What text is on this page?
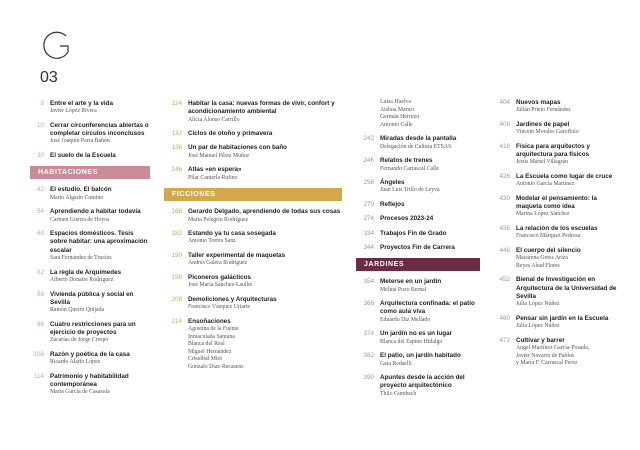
03
8 Entre el arte y la vida
Javier López Rivera
10 Cerrar circunferencias abiertas o completar círculos inconclusos
José Joaquín Parra Bañón
30 El suelo de la Escuela
HABITACIONES
42 El estudio. El balcón
Mario Algarín Comino
54 Aprendiendo a habitar todavía
Carmen Guerra de Hoyos
68 Espacios domésticos. Tesis sobre habitar: una aproximación escalar
Sara Fernández de Trucios
82 La regla de Arquímedes
Alberto Donaire Rodríguez
88 Vivienda pública y social en Sevilla
Ramón Queiro Quijada
96 Cuatro restricciones para un ejercicio de proyectos
Zacarías de Jorge Crespo
106 Razón y poética de la casa
Ricardo Alario López
114 Patrimonio y habitabilidad contemporánea
Marta García de Casasola
124 Habitar la casa: nuevas formas de vivir, confort y acondicionamiento ambiental
Alicia Alonso Carrillo
132 Ciclos de otoño y primavera
136 Un par de habitaciones con baño
José Manuel Pérez Muñoz
146 Atlas «en espera»
Pilar Canterla Rufino
FICCIONES
168 Gerardo Delgado, aprendiendo de todas sus cosas
Marta Pelegrín Rodríguez
182 Estando ya tu casa sosegada
Antonio Torres Sanz
190 Taller experimental de maquetas
Andrés Galera Rodríguez
198 Piconeros galácticos
José María Sánchez-Laulhé
208 Demoliciones y Arquitecturas
Francisco Vázquez Uriarte
214 Ensoñaciones
Agostina de la Fuente
Inmaculada Santana
Blanca del Real
Miguel Hernández
Cristóbal Miró
Gonzalo Díaz-Recasens
Luisa Huelva
Aishoa Maruri
Germán Herruzo
Antonio Calle
242 Miradas desde la pantalla
Delegación de Cultura ETSAS
246 Relatos de trenes
Fernando Carrascal Calle
258 Ángeles
Juan Luis Trillo de Leyva
270 Reflejos
274 Procesos 2023-24
334 Trabajos Fin de Grado
344 Proyectos Fin de Carrera
JARDINES
354 Meterse en un jardín
Melina Pozo Bernal
366 Arquitectura confinada: el patio como aula viva
Eduardo Diz Mellado
374 Un jardín no es un lugar
Blanca del Espino Hidalgo
382 El patio, un jardín habitado
Gaia Redaelli
390 Apuntes desde la acción del proyecto arquitectónico
Thilo Gumbsch
404 Nuevos mapas
Julián Prieto Fernández
408 Jardines de papel
Vincent Morales Garoffolo
416 Física para arquitectos y arquitectura para físicos
Jesús Martel Villagrán
426 La Escuela como lugar de cruce
Antonio García Martínez
430 Modelar el pensamiento: la maqueta como idea
Marina López Sánchez
436 La relación de los escuelas
Francisco Márquez Pedrosa
446 El cuerpo del silencio
Macarena Gross Ariza
Reyes Abad Flores
452 Bienal de Investigación en Arquitectura de la Universidad de Sevilla
Julia López Núñez
460 Pensar sin jardín en la Escuela
Julia López Núñez
472 Cultivar y barrer
Ángel Martínez García-Posada,
Javier Navarro de Pablos
y María F. Carrascal Pérez
